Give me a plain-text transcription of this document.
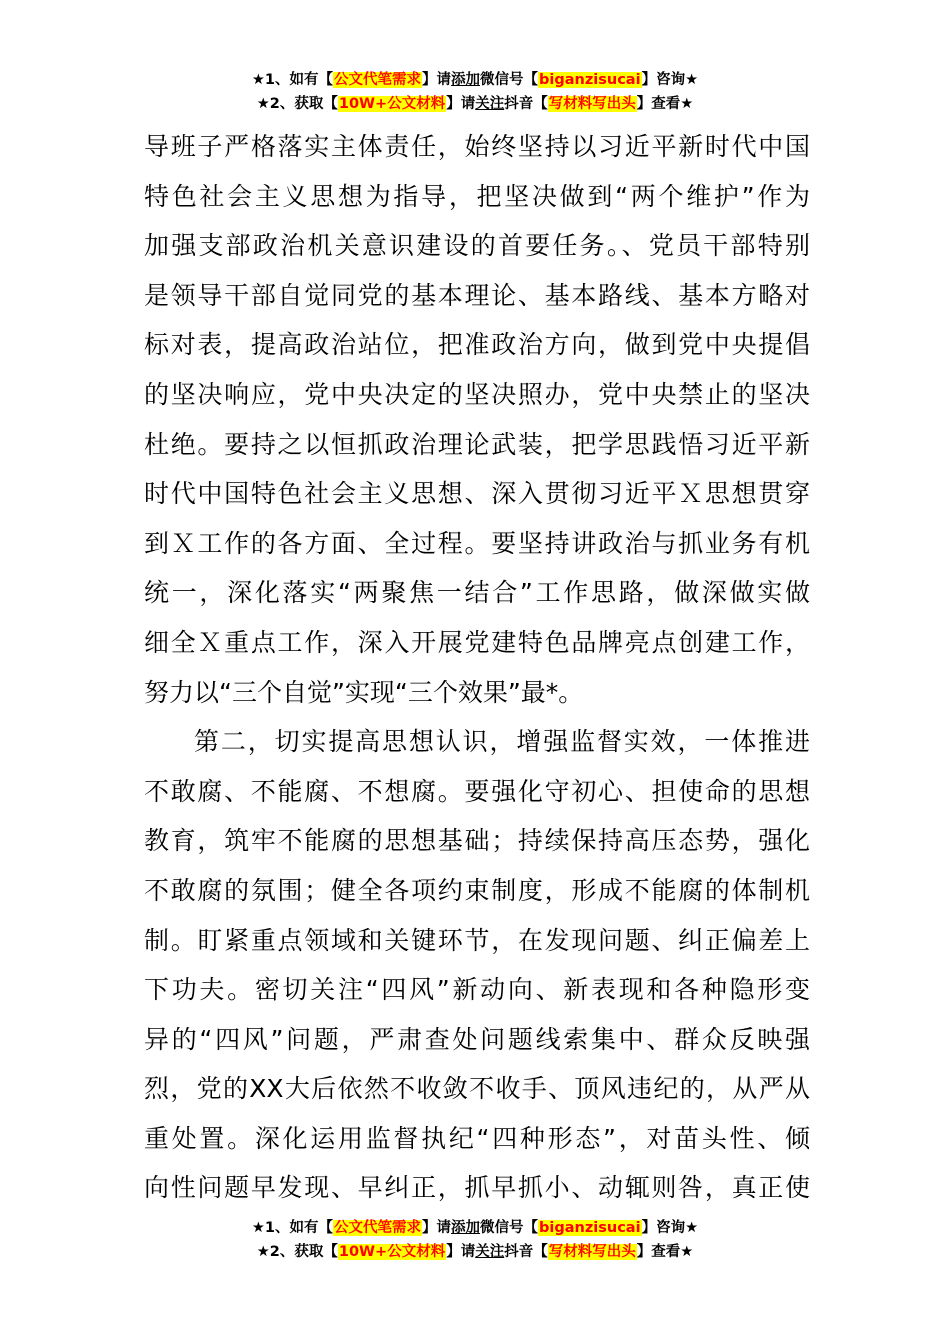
★1、如有【公文代笔需求】请添加微信号【biganzisucai】咨询★
★2、获取【10W+公文材料】请关注抖音【写材料写出头】查看★
导班子严格落实主体责任，始终坚持以习近平新时代中国
特色社会主义思想为指导，把坚决做到“两个维护”作为
加强支部政治机关意识建设的首要任务。、党员干部特别
是领导干部自觉同党的基本理论、基本路线、基本方略对
标对表，提高政治站位，把准政治方向，做到党中央提倡
的坚决响应，党中央决定的坚决照办，党中央禁止的坚决
杜绝。要持之以恒抓政治理论武装，把学思践悟习近平新
时代中国特色社会主义思想、深入贯彻习近平Ｘ思想贯穿
到Ｘ工作的各方面、全过程。要坚持讲政治与抓业务有机
统一，深化落实“两聚焦一结合”工作思路，做深做实做
细全Ｘ重点工作，深入开展党建特色品牌亮点创建工作，
努力以“三个自觉”实现“三个效果”最*。
第二，切实提高思想认识，增强监督实效，一体推进
不敢腐、不能腐、不想腐。要强化守初心、担使命的思想
教育，筑牢不能腐的思想基础；持续保持高压态势，强化
不敢腐的氛围；健全各项约束制度，形成不能腐的体制机
制。盯紧重点领域和关键环节，在发现问题、纠正偏差上
下功夫。密切关注“四风”新动向、新表现和各种隐形变
异的“四风”问题，严肃查处问题线索集中、群众反映强
烈，党的XX大后依然不收敛不收手、顶风违纪的，从严从
重处置。深化运用监督执纪“四种形态”，对苗头性、倾
向性问题早发现、早纠正，抓早抓小、动辄则咎，真正使
★1、如有【公文代笔需求】请添加微信号【biganzisucai】咨询★
★2、获取【10W+公文材料】请关注抖音【写材料写出头】查看★
